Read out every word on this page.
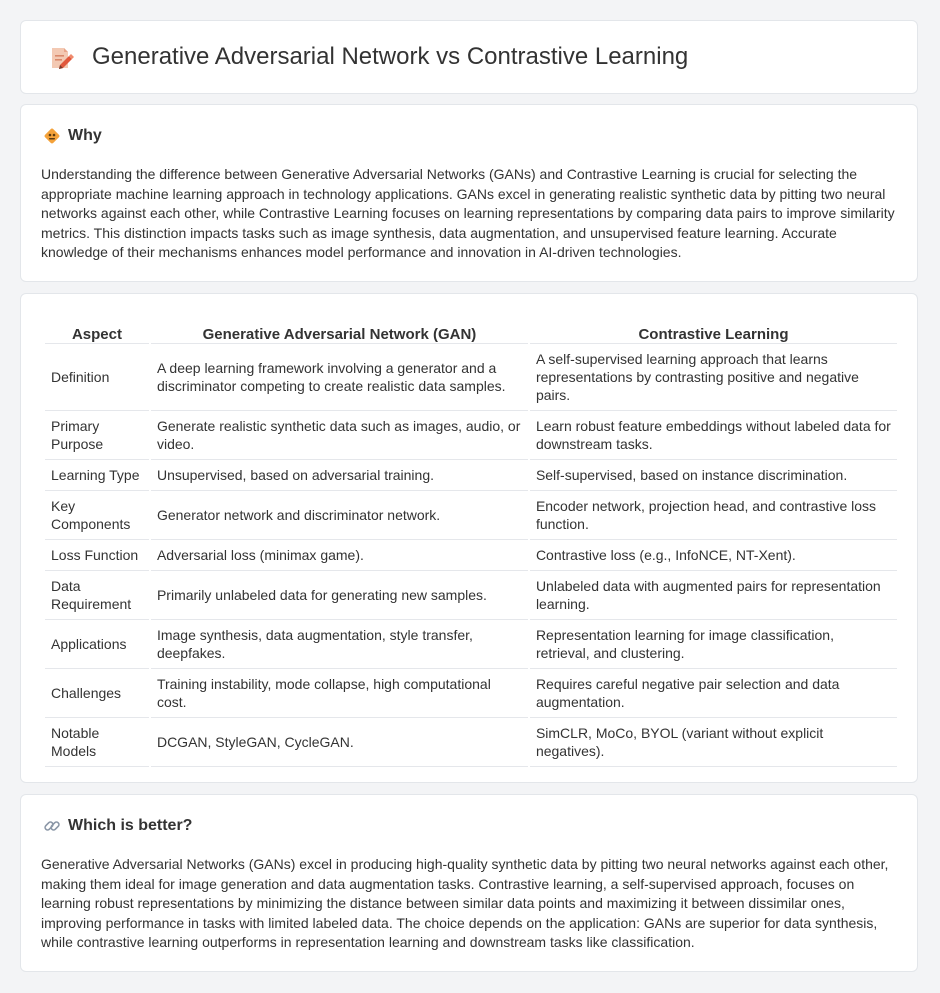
Generative Adversarial Network vs Contrastive Learning
Why

Understanding the difference between Generative Adversarial Networks (GANs) and Contrastive Learning is crucial for selecting the appropriate machine learning approach in technology applications. GANs excel in generating realistic synthetic data by pitting two neural networks against each other, while Contrastive Learning focuses on learning representations by comparing data pairs to improve similarity metrics. This distinction impacts tasks such as image synthesis, data augmentation, and unsupervised feature learning. Accurate knowledge of their mechanisms enhances model performance and innovation in AI-driven technologies.

Aspect	Generative Adversarial Network (GAN)	Contrastive Learning
Definition	A deep learning framework involving a generator and a discriminator competing to create realistic data samples.	A self-supervised learning approach that learns representations by contrasting positive and negative pairs.
Primary Purpose	Generate realistic synthetic data such as images, audio, or video.	Learn robust feature embeddings without labeled data for downstream tasks.
Learning Type	Unsupervised, based on adversarial training.	Self-supervised, based on instance discrimination.
Key Components	Generator network and discriminator network.	Encoder network, projection head, and contrastive loss function.
Loss Function	Adversarial loss (minimax game).	Contrastive loss (e.g., InfoNCE, NT-Xent).
Data Requirement	Primarily unlabeled data for generating new samples.	Unlabeled data with augmented pairs for representation learning.
Applications	Image synthesis, data augmentation, style transfer, deepfakes.	Representation learning for image classification, retrieval, and clustering.
Challenges	Training instability, mode collapse, high computational cost.	Requires careful negative pair selection and data augmentation.
Notable Models	DCGAN, StyleGAN, CycleGAN.	SimCLR, MoCo, BYOL (variant without explicit negatives).
Which is better?

Generative Adversarial Networks (GANs) excel in producing high-quality synthetic data by pitting two neural networks against each other, making them ideal for image generation and data augmentation tasks. Contrastive learning, a self-supervised approach, focuses on learning robust representations by minimizing the distance between similar data points and maximizing it between dissimilar ones, improving performance in tasks with limited labeled data. The choice depends on the application: GANs are superior for data synthesis, while contrastive learning outperforms in representation learning and downstream tasks like classification.
